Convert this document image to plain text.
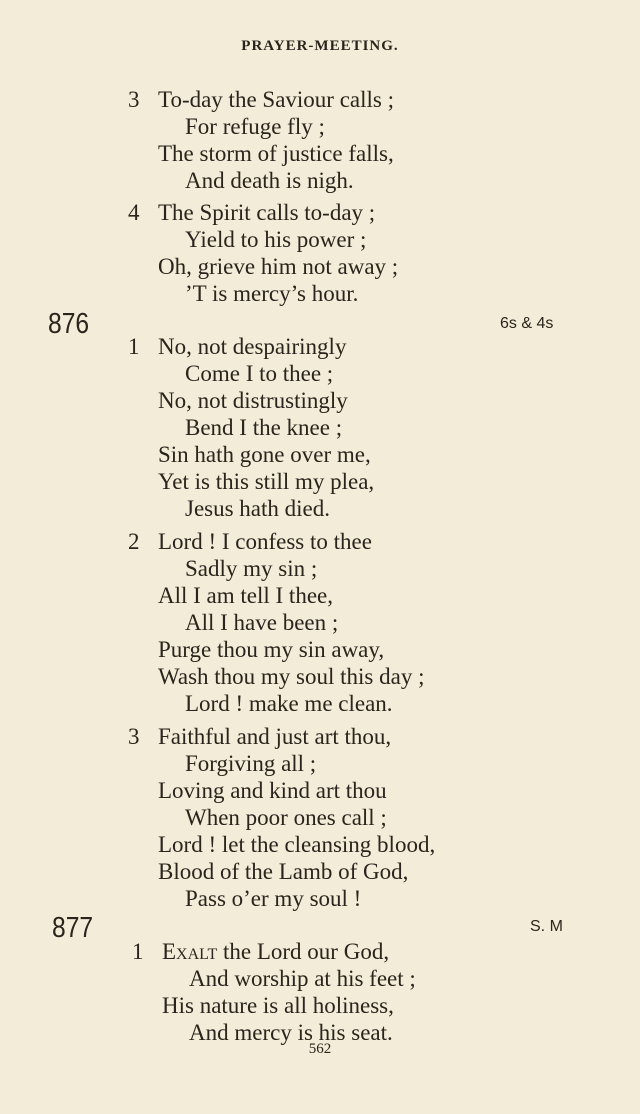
PRAYER-MEETING.
3 To-day the Saviour calls ;
For refuge fly ;
The storm of justice falls,
And death is nigh.
4 The Spirit calls to-day ;
Yield to his power ;
Oh, grieve him not away ;
’T is mercy’s hour.
876	6s & 4s
1 No, not despairingly
Come I to thee ;
No, not distrustingly
Bend I the knee ;
Sin hath gone over me,
Yet is this still my plea,
Jesus hath died.
2 Lord ! I confess to thee
Sadly my sin ;
All I am tell I thee,
All I have been ;
Purge thou my sin away,
Wash thou my soul this day ;
Lord ! make me clean.
3 Faithful and just art thou,
Forgiving all ;
Loving and kind art thou
When poor ones call ;
Lord ! let the cleansing blood,
Blood of the Lamb of God,
Pass o’er my soul !
877	S. M
1 Exalt the Lord our God,
And worship at his feet ;
His nature is all holiness,
And mercy is his seat.
562
